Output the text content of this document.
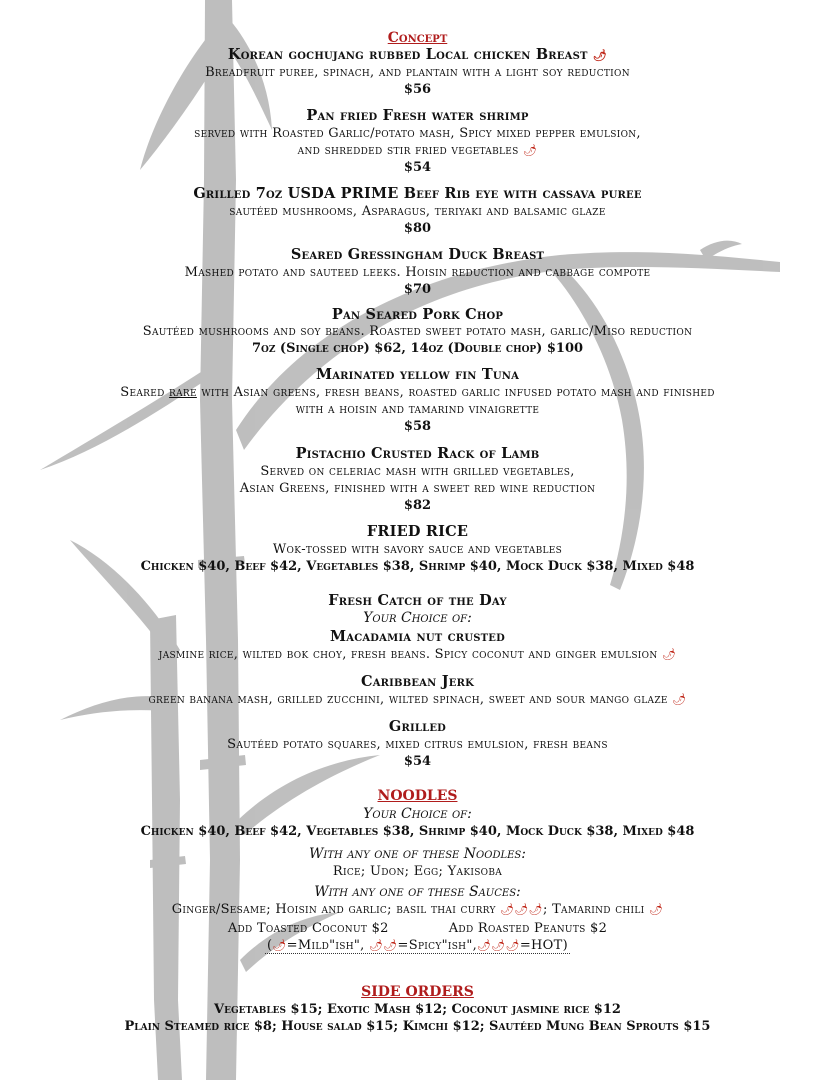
Concept
Korean gochujang rubbed Local chicken Breast 🌶
Breadfruit puree, spinach, and plantain with a light soy reduction
$56
Pan fried Fresh water shrimp
served with Roasted Garlic/potato mash, Spicy mixed pepper emulsion,
and shredded stir fried vegetables 🌶
$54
Grilled 7oz USDA PRIME Beef Rib eye with cassava puree
sautéed mushrooms, Asparagus, teriyaki and balsamic glaze
$80
Seared Gressingham Duck Breast
Mashed potato and sauteed leeks. Hoisin reduction and cabbage compote
$70
Pan Seared Pork Chop
Sautéed mushrooms and soy beans. Roasted sweet potato mash, garlic/Miso reduction
7oz (Single chop) $62, 14oz (Double chop) $100
Marinated yellow fin Tuna
Seared rare with Asian greens, fresh beans, roasted garlic infused potato mash and finished
with a hoisin and tamarind vinaigrette
$58
Pistachio Crusted Rack of Lamb
Served on celeriac mash with grilled vegetables,
Asian Greens, finished with a sweet red wine reduction
$82
FRIED RICE
Wok-tossed with savory sauce and vegetables
Chicken $40, Beef $42, Vegetables $38, Shrimp $40, Mock Duck $38, Mixed $48
Fresh Catch of the Day
Your Choice of:
Macadamia nut crusted
jasmine rice, wilted bok choy, fresh beans. Spicy coconut and ginger emulsion 🌶
Caribbean Jerk
green banana mash, grilled zucchini, wilted spinach, sweet and sour mango glaze 🌶
Grilled
Sautéed potato squares, mixed citrus emulsion, fresh beans
$54
NOODLES
Your Choice of:
Chicken $40, Beef $42, Vegetables $38, Shrimp $40, Mock Duck $38, Mixed $48
With any one of these Noodles:
Rice; Udon; Egg; Yakisoba
With any one of these Sauces:
Ginger/Sesame; Hoisin and garlic; basil thai curry 🌶🌶🌶; Tamarind chili 🌶
Add Toasted Coconut $2	Add Roasted Peanuts $2
(🌶=Mild"ish", 🌶🌶=Spicy"ish",🌶🌶🌶=HOT)
SIDE ORDERS
Vegetables $15; Exotic Mash $12; Coconut jasmine rice $12
Plain Steamed rice $8; House salad $15; Kimchi $12; Sautéed Mung Bean Sprouts $15
